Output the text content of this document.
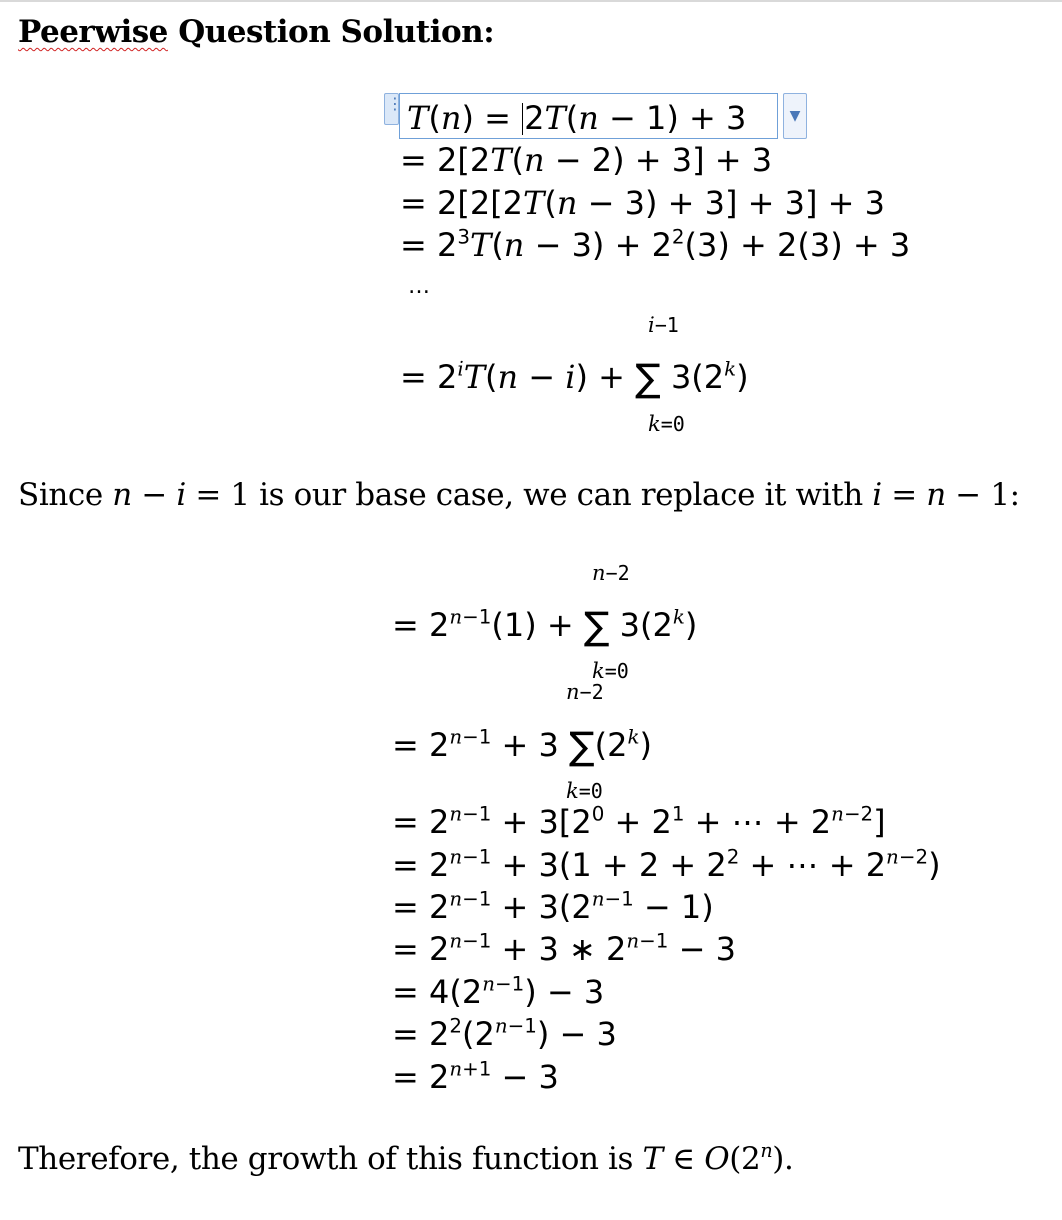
Peerwise Question Solution:
⋮
▼
T(n) = 2T(n − 1) + 3
= 2[2T(n − 2) + 3] + 3
= 2[2[2T(n − 3) + 3] + 3] + 3
= $2^3T(n - 3) + 2^2(3) + 2(3) + 3$
…
i−1
= $2^iT(n - i)$ + ∑ 3(2$^k$)
k=0
Since n − i = 1 is our base case, we can replace it with i = n − 1:
n−2
= $2^{n-1}(1)$ + ∑ 3(2$^k$)
k=0
n−2
= $2^{n-1} + 3$ ∑(2$^k$)
k=0
= $2^{n-1} + 3[2^0 + 2^1$ + ⋯ + $2^{n-2}$]
= $2^{n-1} + 3(1 + 2 + 2^2$ + ⋯ + $2^{n-2}$)
= $2^{n-1} + 3(2^{n-1} - 1)$
= $2^{n-1} + 3$ ∗ $2^{n-1} - 3$
= $4(2^{n-1}) - 3$
= $2^2(2^{n-1}) - 3$
= $2^{n+1} - 3$
Therefore, the growth of this function is T ∈ O(2$^n$).
